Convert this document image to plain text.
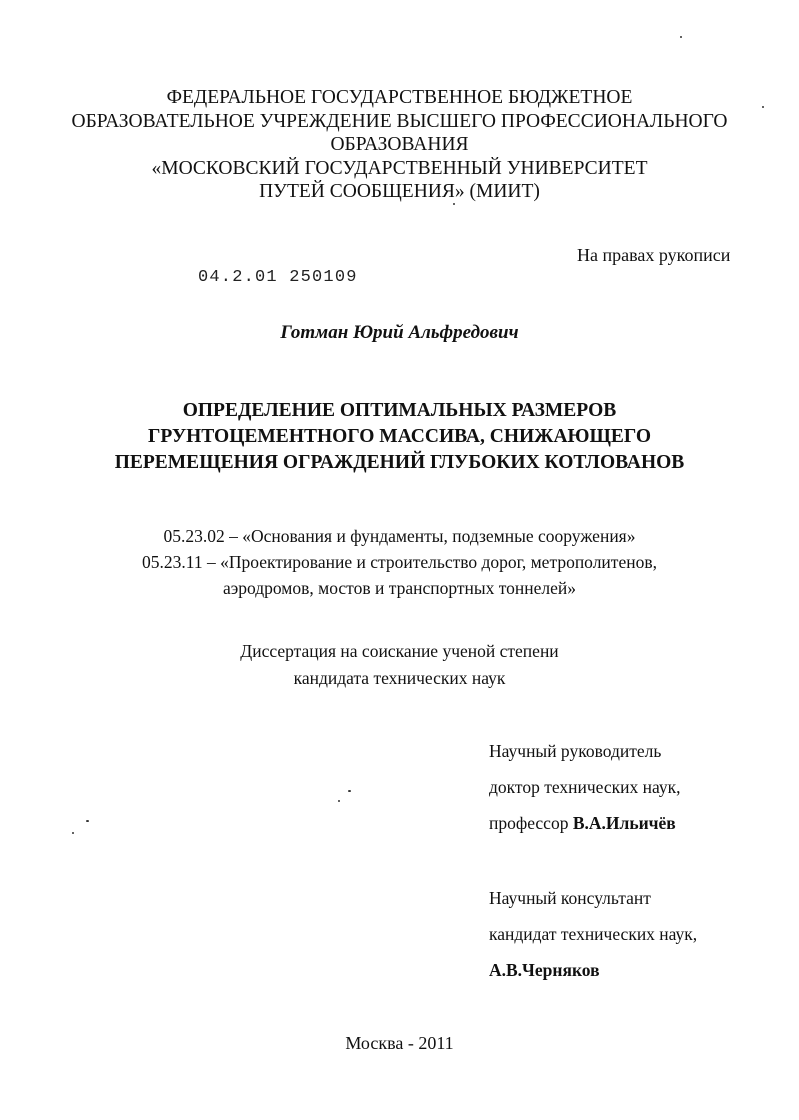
ФЕДЕРАЛЬНОЕ ГОСУДАРСТВЕННОЕ БЮДЖЕТНОЕ
ОБРАЗОВАТЕЛЬНОЕ УЧРЕЖДЕНИЕ ВЫСШЕГО ПРОФЕССИОНАЛЬНОГО
ОБРАЗОВАНИЯ
«МОСКОВСКИЙ ГОСУДАРСТВЕННЫЙ УНИВЕРСИТЕТ
ПУТЕЙ СООБЩЕНИЯ» (МИИТ)
На правах рукописи
04.2.01 250109
Готман Юрий Альфредович
ОПРЕДЕЛЕНИЕ ОПТИМАЛЬНЫХ РАЗМЕРОВ
ГРУНТОЦЕМЕНТНОГО МАССИВА, СНИЖАЮЩЕГО
ПЕРЕМЕЩЕНИЯ ОГРАЖДЕНИЙ ГЛУБОКИХ КОТЛОВАНОВ
05.23.02 – «Основания и фундаменты, подземные сооружения»
05.23.11 – «Проектирование и строительство дорог, метрополитенов,
аэродромов, мостов и транспортных тоннелей»
Диссертация на соискание ученой степени
кандидата технических наук
Научный руководитель
доктор технических наук,
профессор В.А.Ильичёв
Научный консультант
кандидат технических наук,
А.В.Черняков
Москва - 2011
